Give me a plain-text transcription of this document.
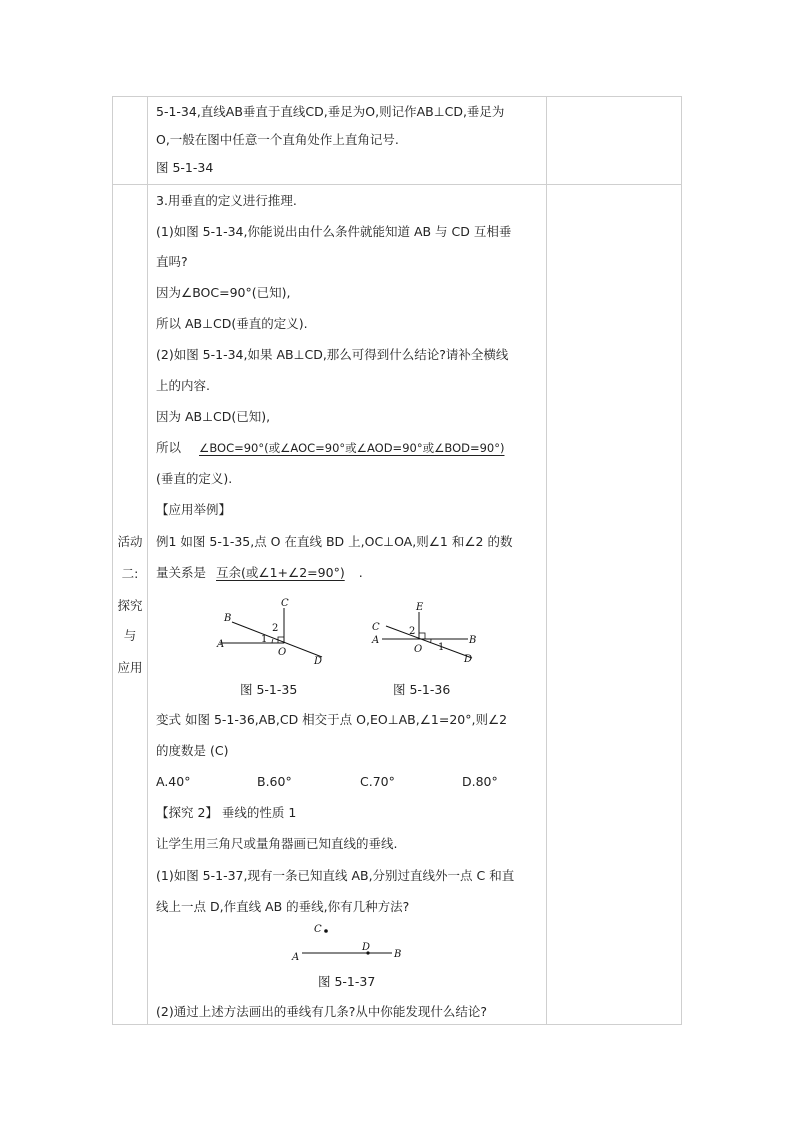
5-1-34,直线AB垂直于直线CD,垂足为O,则记作AB⊥CD,垂足为
O,一般在图中任意一个直角处作上直角记号.
图 5-1-34
活动
二:
探究
与
应用
3.用垂直的定义进行推理.
(1)如图 5-1-34,你能说出由什么条件就能知道 AB 与 CD 互相垂
直吗?
因为∠BOC=90°(已知),
所以 AB⊥CD(垂直的定义).
(2)如图 5-1-34,如果 AB⊥CD,那么可得到什么结论?请补全横线
上的内容.
因为 AB⊥CD(已知),
所以 ∠BOC=90°(或∠AOC=90°或∠AOD=90°或∠BOD=90°)
(垂直的定义).
【应用举例】
例1 如图 5-1-35,点 O 在直线 BD 上,OC⊥OA,则∠1 和∠2 的数
量关系是 互余(或∠1+∠2=90°) .
A
B
C
D
O
1
2
图 5-1-35
A	B
C
D
E
O 1
2
图 5-1-36
变式 如图 5-1-36,AB,CD 相交于点 O,EO⊥AB,∠1=20°,则∠2
的度数是 (C)
A.40°	B.60°	C.70°	D.80°
【探究 2】 垂线的性质 1
让学生用三角尺或量角器画已知直线的垂线.
(1)如图 5-1-37,现有一条已知直线 AB,分别过直线外一点 C 和直
线上一点 D,作直线 AB 的垂线,你有几种方法?
A	B
C
D
图 5-1-37
(2)通过上述方法画出的垂线有几条?从中你能发现什么结论?
